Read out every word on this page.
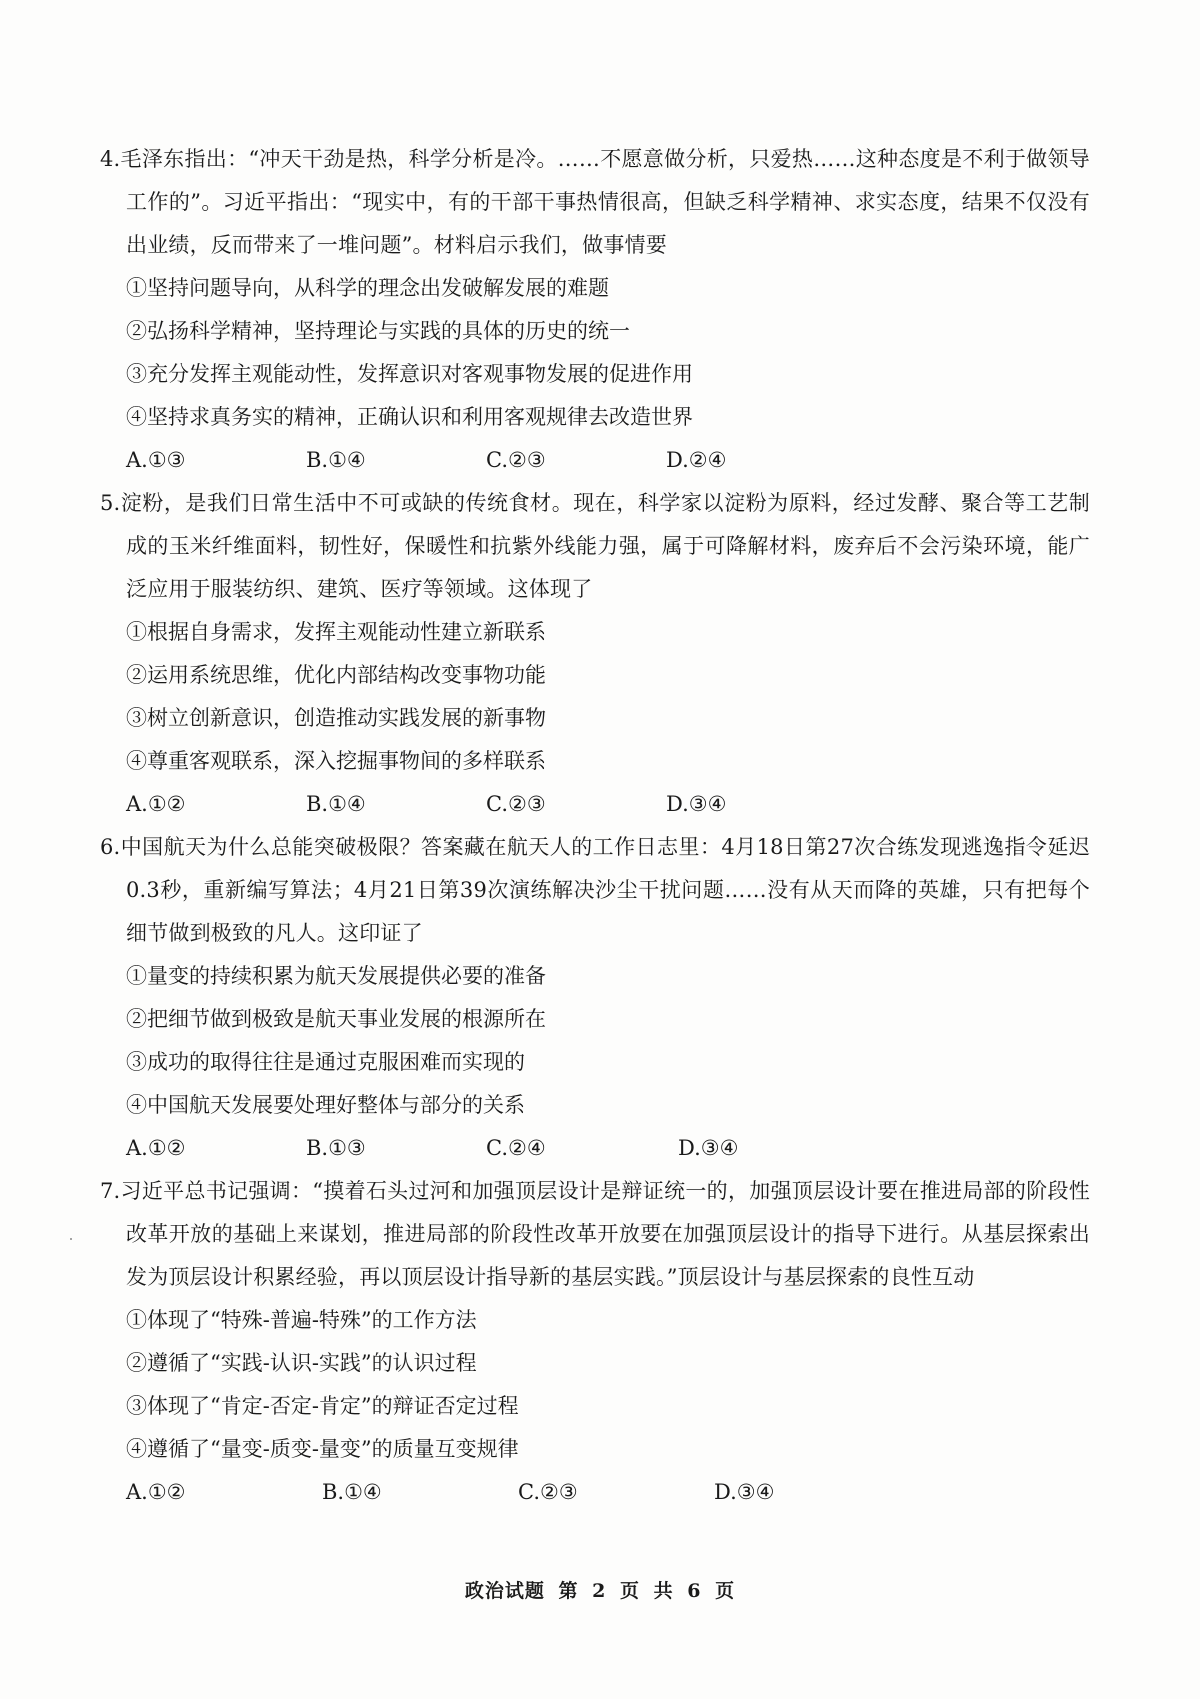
4.毛泽东指出：“冲天干劲是热，科学分析是冷。……不愿意做分析，只爱热……这种态度是不利于做领导工作的”。习近平指出：“现实中，有的干部干事热情很高，但缺乏科学精神、求实态度，结果不仅没有出业绩，反而带来了一堆问题”。材料启示我们，做事情要

①坚持问题导向，从科学的理念出发破解发展的难题

②弘扬科学精神，坚持理论与实践的具体的历史的统一

③充分发挥主观能动性，发挥意识对客观事物发展的促进作用

④坚持求真务实的精神，正确认识和利用客观规律去改造世界

A.①③	B.①④	C.②③	D.②④

5.淀粉，是我们日常生活中不可或缺的传统食材。现在，科学家以淀粉为原料，经过发酵、聚合等工艺制成的玉米纤维面料，韧性好，保暖性和抗紫外线能力强，属于可降解材料，废弃后不会污染环境，能广泛应用于服装纺织、建筑、医疗等领域。这体现了

①根据自身需求，发挥主观能动性建立新联系

②运用系统思维，优化内部结构改变事物功能

③树立创新意识，创造推动实践发展的新事物

④尊重客观联系，深入挖掘事物间的多样联系

A.①②	B.①④	C.②③	D.③④

6.中国航天为什么总能突破极限？答案藏在航天人的工作日志里：4月18日第27次合练发现逃逸指令延迟0.3秒，重新编写算法；4月21日第39次演练解决沙尘干扰问题……没有从天而降的英雄，只有把每个细节做到极致的凡人。这印证了

①量变的持续积累为航天发展提供必要的准备

②把细节做到极致是航天事业发展的根源所在

③成功的取得往往是通过克服困难而实现的

④中国航天发展要处理好整体与部分的关系

A.①②	B.①③	C.②④	D.③④

7.习近平总书记强调：“摸着石头过河和加强顶层设计是辩证统一的，加强顶层设计要在推进局部的阶段性改革开放的基础上来谋划，推进局部的阶段性改革开放要在加强顶层设计的指导下进行。从基层探索出发为顶层设计积累经验，再以顶层设计指导新的基层实践。”顶层设计与基层探索的良性互动

①体现了“特殊-普遍-特殊”的工作方法

②遵循了“实践-认识-实践”的认识过程

③体现了“肯定-否定-肯定”的辩证否定过程

④遵循了“量变-质变-量变”的质量互变规律

A.①②	B.①④	C.②③	D.③④
政治试题 第 2 页 共 6 页
